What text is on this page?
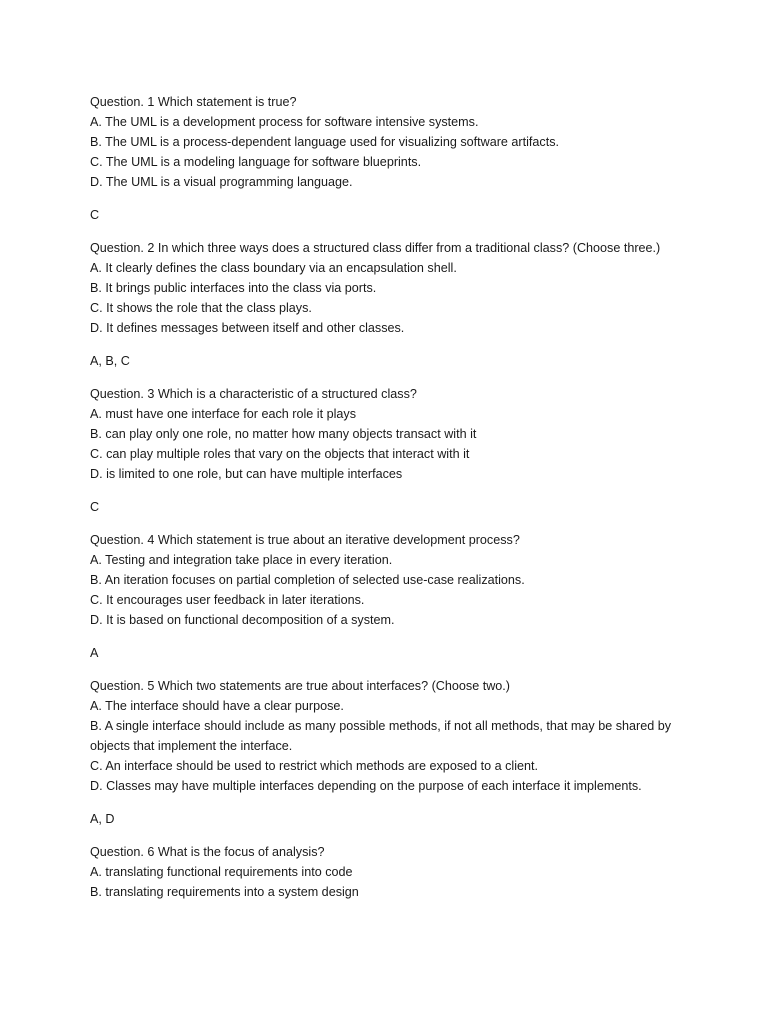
Question. 1 Which statement is true?
A. The UML is a development process for software intensive systems.
B. The UML is a process-dependent language used for visualizing software artifacts.
C. The UML is a modeling language for software blueprints.
D. The UML is a visual programming language.
C
Question. 2 In which three ways does a structured class differ from a traditional class? (Choose three.)
A. It clearly defines the class boundary via an encapsulation shell.
B. It brings public interfaces into the class via ports.
C. It shows the role that the class plays.
D. It defines messages between itself and other classes.
A, B, C
Question. 3 Which is a characteristic of a structured class?
A. must have one interface for each role it plays
B. can play only one role, no matter how many objects transact with it
C. can play multiple roles that vary on the objects that interact with it
D. is limited to one role, but can have multiple interfaces
C
Question. 4 Which statement is true about an iterative development process?
A. Testing and integration take place in every iteration.
B. An iteration focuses on partial completion of selected use-case realizations.
C. It encourages user feedback in later iterations.
D. It is based on functional decomposition of a system.
A
Question. 5 Which two statements are true about interfaces? (Choose two.)
A. The interface should have a clear purpose.
B. A single interface should include as many possible methods, if not all methods, that may be shared by objects that implement the interface.
C. An interface should be used to restrict which methods are exposed to a client.
D. Classes may have multiple interfaces depending on the purpose of each interface it implements.
A, D
Question. 6 What is the focus of analysis?
A. translating functional requirements into code
B. translating requirements into a system design
